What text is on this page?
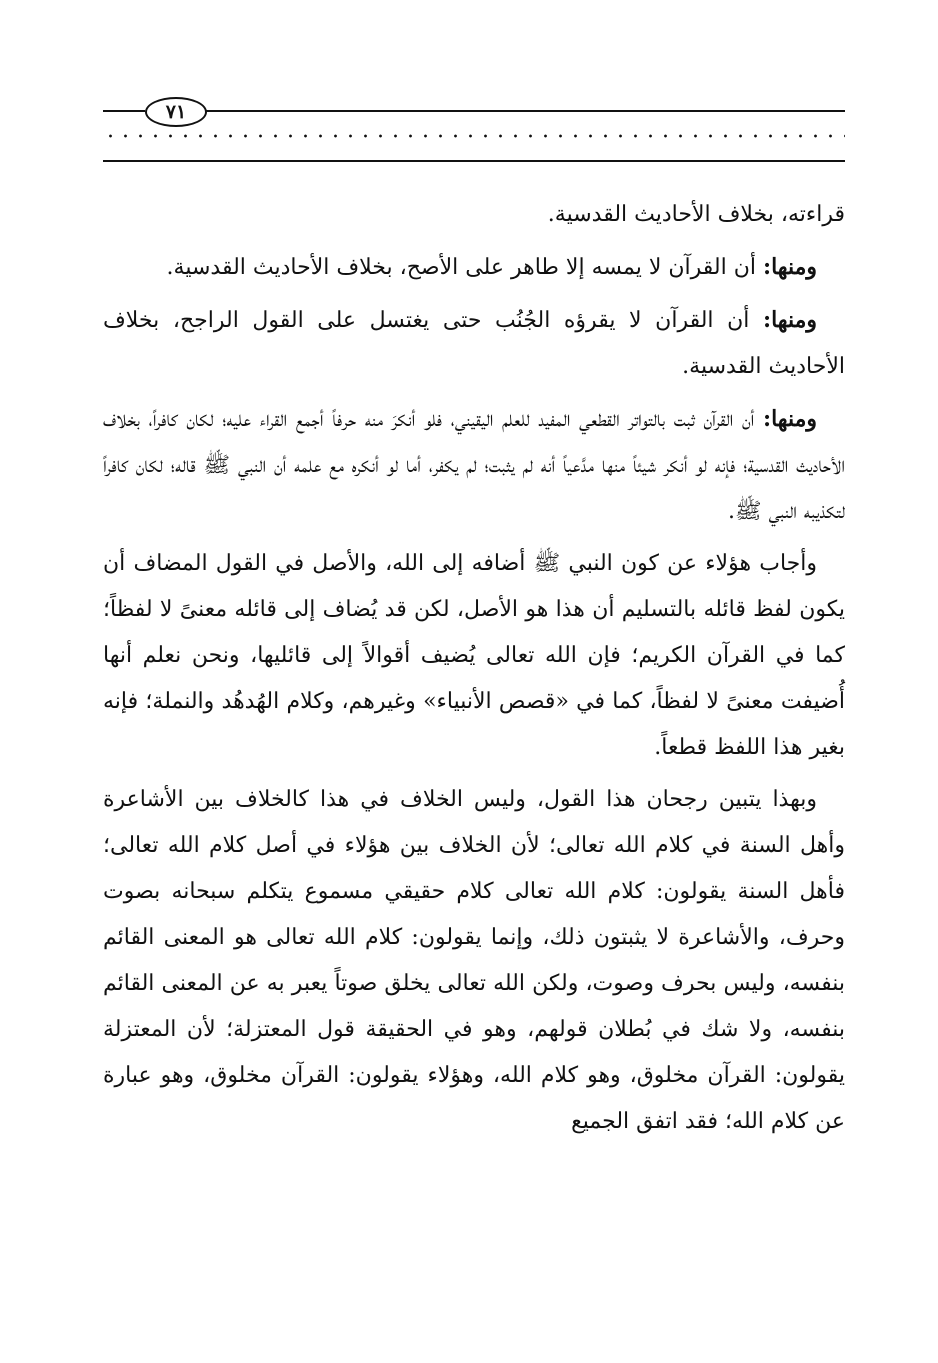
٧١

قراءته، بخلاف الأحاديث القدسية.

ومنها: أن القرآن لا يمسه إلا طاهر على الأصح، بخلاف الأحاديث القدسية.

ومنها: أن القرآن لا يقرؤه الجُنُب حتى يغتسل على القول الراجح، بخلاف الأحاديث القدسية.

ومنها: أن القرآن ثبت بالتواتر القطعي المفيد للعلم اليقيني، فلو أنكرَ منه حرفاً أجمع القراء عليه؛ لكان كافراً، بخلاف الأحاديث القدسية؛ فإنه لو أنكر شيئاً منها مدَّعياً أنه لم يثبت؛ لم يكفر، أما لو أنكره مع علمه أن النبي ﷺ قاله؛ لكان كافراً لتكذيبه النبي ﷺ.

وأجاب هؤلاء عن كون النبي ﷺ أضافه إلى الله، والأصل في القول المضاف أن يكون لفظ قائله بالتسليم أن هذا هو الأصل، لكن قد يُضاف إلى قائله معنىً لا لفظاً؛ كما في القرآن الكريم؛ فإن الله تعالى يُضيف أقوالاً إلى قائليها، ونحن نعلم أنها أُضيفت معنىً لا لفظاً، كما في «قصص الأنبياء» وغيرهم، وكلام الهُدهُد والنملة؛ فإنه بغير هذا اللفظ قطعاً.

وبهذا يتبين رجحان هذا القول، وليس الخلاف في هذا كالخلاف بين الأشاعرة وأهل السنة في كلام الله تعالى؛ لأن الخلاف بين هؤلاء في أصل كلام الله تعالى؛ فأهل السنة يقولون: كلام الله تعالى كلام حقيقي مسموع يتكلم سبحانه بصوت وحرف، والأشاعرة لا يثبتون ذلك، وإنما يقولون: كلام الله تعالى هو المعنى القائم بنفسه، وليس بحرف وصوت، ولكن الله تعالى يخلق صوتاً يعبر به عن المعنى القائم بنفسه، ولا شك في بُطلان قولهم، وهو في الحقيقة قول المعتزلة؛ لأن المعتزلة يقولون: القرآن مخلوق، وهو كلام الله، وهؤلاء يقولون: القرآن مخلوق، وهو عبارة عن كلام الله؛ فقد اتفق الجميع
